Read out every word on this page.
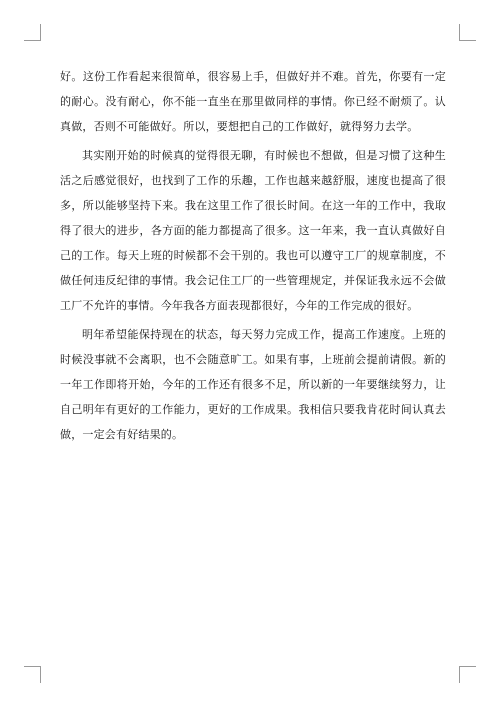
好。这份工作看起来很简单，很容易上手，但做好并不难。首先，你要有一定的耐心。没有耐心，你不能一直坐在那里做同样的事情。你已经不耐烦了。认真做，否则不可能做好。所以，要想把自己的工作做好，就得努力去学。

其实刚开始的时候真的觉得很无聊，有时候也不想做，但是习惯了这种生活之后感觉很好，也找到了工作的乐趣，工作也越来越舒服，速度也提高了很多，所以能够坚持下来。我在这里工作了很长时间。在这一年的工作中，我取得了很大的进步，各方面的能力都提高了很多。这一年来，我一直认真做好自己的工作。每天上班的时候都不会干别的。我也可以遵守工厂的规章制度，不做任何违反纪律的事情。我会记住工厂的一些管理规定，并保证我永远不会做工厂不允许的事情。今年我各方面表现都很好，今年的工作完成的很好。

明年希望能保持现在的状态，每天努力完成工作，提高工作速度。上班的时候没事就不会离职，也不会随意旷工。如果有事，上班前会提前请假。新的一年工作即将开始，今年的工作还有很多不足，所以新的一年要继续努力，让自己明年有更好的工作能力，更好的工作成果。我相信只要我肯花时间认真去做，一定会有好结果的。
